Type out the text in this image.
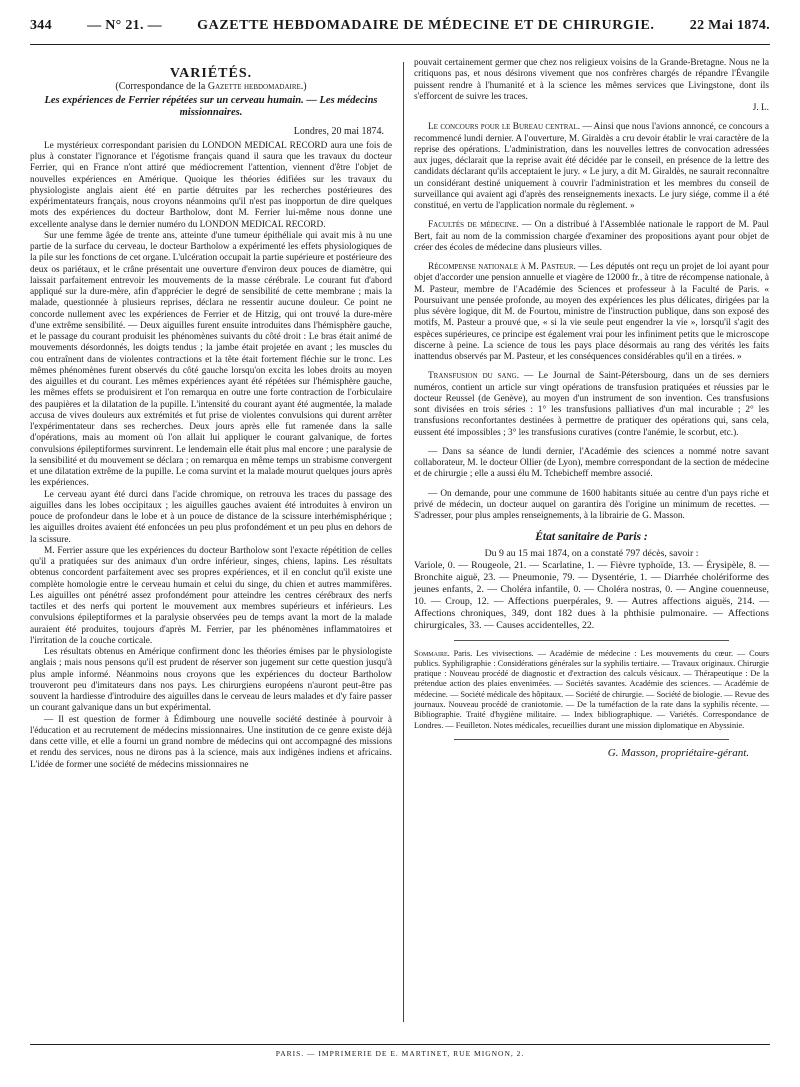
344	— N° 21. —	GAZETTE HEBDOMADAIRE DE MÉDECINE ET DE CHIRURGIE.	22 Mai 1874.
VARIÉTÉS.
(Correspondance de la Gazette hebdomadaire.)
Les expériences de Ferrier répétées sur un cerveau humain. — Les médecins missionnaires.
Londres, 20 mai 1874.

Le mystérieux correspondant parisien du LONDON MEDICAL RECORD aura une fois de plus à constater l'ignorance et l'égotisme français quand il saura que les travaux du docteur Ferrier, qui en France n'ont attiré que médiocrement l'attention, viennent d'être l'objet de nouvelles expériences en Amérique. Quoique les théories édifiées sur les travaux du physiologiste anglais aient été en partie détruites par les recherches postérieures des expérimentateurs français, nous croyons néanmoins qu'il n'est pas inopportun de dire quelques mots des expériences du docteur Bartholow, dont M. Ferrier lui-même nous donne une excellente analyse dans le dernier numéro du LONDON MEDICAL RECORD.

Sur une femme âgée de trente ans, atteinte d'une tumeur épithéliale qui avait mis à nu une partie de la surface du cerveau, le docteur Bartholow a expérimenté les effets physiologiques de la pile sur les fonctions de cet organe. L'ulcération occupait la partie supérieure et postérieure des deux os pariétaux, et le crâne présentait une ouverture d'environ deux pouces de diamètre, qui laissait parfaitement entrevoir les mouvements de la masse cérébrale. Le courant fut d'abord appliqué sur la dure-mère, afin d'apprécier le degré de sensibilité de cette membrane ; mais la malade, questionnée à plusieurs reprises, déclara ne ressentir aucune douleur. Ce point ne concorde nullement avec les expériences de Ferrier et de Hitzig, qui ont trouvé la dure-mère d'une extrême sensibilité. — Deux aiguilles furent ensuite introduites dans l'hémisphère gauche, et le passage du courant produisit les phénomènes suivants du côté droit : Le bras était animé de mouvements désordonnés, les doigts tendus ; la jambe était projetée en avant ; les muscles du cou entraînent dans de violentes contractions et la tête était fortement fléchie sur le tronc. Les mêmes phénomènes furent observés du côté gauche lorsqu'on excita les lobes droits au moyen des aiguilles et du courant. Les mêmes expériences ayant été répétées sur l'hémisphère gauche, les mêmes effets se produisirent et l'on remarqua en outre une forte contraction de l'orbiculaire des paupières et la dilatation de la pupille. L'intensité du courant ayant été augmentée, la malade accusa de vives douleurs aux extrémités et fut prise de violentes convulsions qui durent arrêter l'expérimentateur dans ses recherches. Deux jours après elle fut ramenée dans la salle d'opérations, mais au moment où l'on allait lui appliquer le courant galvanique, de fortes convulsions épileptiformes survinrent. Le lendemain elle était plus mal encore ; une paralysie de la sensibilité et du mouvement se déclara ; on remarqua en même temps un strabisme convergent et une dilatation extrême de la pupille. Le coma survint et la malade mourut quelques jours après les expériences.

Le cerveau ayant été durci dans l'acide chromique, on retrouva les traces du passage des aiguilles dans les lobes occipitaux ; les aiguilles gauches avaient été introduites à environ un pouce de profondeur dans le lobe et à un pouce de distance de la scissure interhémisphérique ; les aiguilles droites avaient été enfoncées un peu plus profondément et un peu plus en dehors de la scissure.

M. Ferrier assure que les expériences du docteur Bartholow sont l'exacte répétition de celles qu'il a pratiquées sur des animaux d'un ordre inférieur, singes, chiens, lapins. Les résultats obtenus concordent parfaitement avec ses propres expériences, et il en conclut qu'il existe une complète homologie entre le cerveau humain et celui du singe, du chien et autres mammifères. Les aiguilles ont pénétré assez profondément pour atteindre les centres cérébraux des nerfs tactiles et des nerfs qui portent le mouvement aux membres supérieurs et inférieurs. Les convulsions épileptiformes et la paralysie observées peu de temps avant la mort de la malade auraient été produites, toujours d'après M. Ferrier, par les phénomènes inflammatoires et l'irritation de la couche corticale.

Les résultats obtenus en Amérique confirment donc les théories émises par le physiologiste anglais ; mais nous pensons qu'il est prudent de réserver son jugement sur cette question jusqu'à plus ample informé. Néanmoins nous croyons que les expériences du docteur Bartholow trouveront peu d'imitateurs dans nos pays. Les chirurgiens européens n'auront peut-être pas souvent la hardiesse d'introduire des aiguilles dans le cerveau de leurs malades et d'y faire passer un courant galvanique dans un but expérimental.

— Il est question de former à Édimbourg une nouvelle société destinée à pourvoir à l'éducation et au recrutement de médecins missionnaires. Une institution de ce genre existe déjà dans cette ville, et elle a fourni un grand nombre de médecins qui ont accompagné des missions et rendu des services, nous ne dirons pas à la science, mais aux indigènes indiens et africains. L'idée de former une société de médecins missionnaires ne

pouvait certainement germer que chez nos religieux voisins de la Grande-Bretagne. Nous ne la critiquons pas, et nous désirons vivement que nos confrères chargés de répandre l'Évangile puissent rendre à l'humanité et à la science les mêmes services que Livingstone, dont ils s'efforcent de suivre les traces.

J. L.

Le concours pour le Bureau central. — Ainsi que nous l'avions annoncé, ce concours a recommencé lundi dernier. A l'ouverture, M. Giraldès a cru devoir établir le vrai caractère de la reprise des opérations. L'administration, dans les nouvelles lettres de convocation adressées aux juges, déclarait que la reprise avait été décidée par le conseil, en présence de la lettre des candidats déclarant qu'ils acceptaient le jury. « Le jury, a dit M. Giraldès, ne saurait reconnaître un considérant destiné uniquement à couvrir l'administration et les membres du conseil de surveillance qui avaient agi d'après des renseignements inexacts. Le jury siége, comme il a été constitué, en vertu de l'application normale du règlement. »

Facultés de médecine. — On a distribué à l'Assemblée nationale le rapport de M. Paul Bert, fait au nom de la commission chargée d'examiner des propositions ayant pour objet de créer des écoles de médecine dans plusieurs villes.

Récompense nationale à M. Pasteur. — Les députés ont reçu un projet de loi ayant pour objet d'accorder une pension annuelle et viagère de 12000 fr., à titre de récompense nationale, à M. Pasteur, membre de l'Académie des Sciences et professeur à la Faculté de Paris. « Poursuivant une pensée profonde, au moyen des expériences les plus délicates, dirigées par la plus sévère logique, dit M. de Fourtou, ministre de l'instruction publique, dans son exposé des motifs, M. Pasteur a prouvé que, « si la vie seule peut engendrer la vie », lorsqu'il s'agit des espèces supérieures, ce principe est également vrai pour les infiniment petits que le microscope discerne à peine. La science de tous les pays place désormais au rang des vérités les faits inattendus observés par M. Pasteur, et les conséquences considérables qu'il en a tirées. »

Transfusion du sang. — Le Journal de Saint-Pétersbourg, dans un de ses derniers numéros, contient un article sur vingt opérations de transfusion pratiquées et réussies par le docteur Reussel (de Genève), au moyen d'un instrument de son invention. Ces transfusions sont divisées en trois séries : 1° les transfusions palliatives d'un mal incurable ; 2° les transfusions reconfortantes destinées à permettre de pratiquer des opérations qui, sans cela, eussent été impossibles ; 3° les transfusions curatives (contre l'anémie, le scorbut, etc.).

— Dans sa séance de lundi dernier, l'Académie des sciences a nommé notre savant collaborateur, M. le docteur Ollier (de Lyon), membre correspondant de la section de médecine et de chirurgie ; elle a aussi élu M. Tchebicheff membre associé.

— On demande, pour une commune de 1600 habitants située au centre d'un pays riche et privé de médecin, un docteur auquel on garantira dès l'origine un minimum de recettes. — S'adresser, pour plus amples renseignements, à la librairie de G. Masson.

État sanitaire de Paris :
Du 9 au 15 mai 1874, on a constaté 797 décès, savoir :
Variole, 0. — Rougeole, 21. — Scarlatine, 1. — Fièvre typhoïde, 13. — Érysipèle, 8. — Bronchite aiguë, 23. — Pneumonie, 79. — Dysentérie, 1. — Diarrhée cholériforme des jeunes enfants, 2. — Choléra infantile, 0. — Choléra nostras, 0. — Angine couenneuse, 10. — Croup, 12. — Affections puerpérales, 9. — Autres affections aiguës, 214. — Affections chroniques, 349, dont 182 dues à la phthisie pulmonaire. — Affections chirurgicales, 33. — Causes accidentelles, 22.
Sommaire. Paris. Les vivisections. — Académie de médecine : Les mouvements du cœur. — Cours publics. Syphiligraphie : Considérations générales sur la syphilis tertiaire. — Travaux originaux. Chirurgie pratique : Nouveau procédé de diagnostic et d'extraction des calculs vésicaux. — Thérapeutique : De la prétendue action des plaies envenimées. — Sociétés savantes. Académie des sciences. — Académie de médecine. — Société médicale des hôpitaux. — Société de chirurgie. — Société de biologie. — Revue des journaux. Nouveau procédé de craniotomie. — De la tuméfaction de la rate dans la syphilis récente. — Bibliographie. Traité d'hygiène militaire. — Index bibliographique. — Variétés. Correspondance de Londres. — Feuilleton. Notes médicales, recueillies durant une mission diplomatique en Abyssinie.
G. Masson, propriétaire-gérant.
PARIS. — IMPRIMERIE DE E. MARTINET, RUE MIGNON, 2.
